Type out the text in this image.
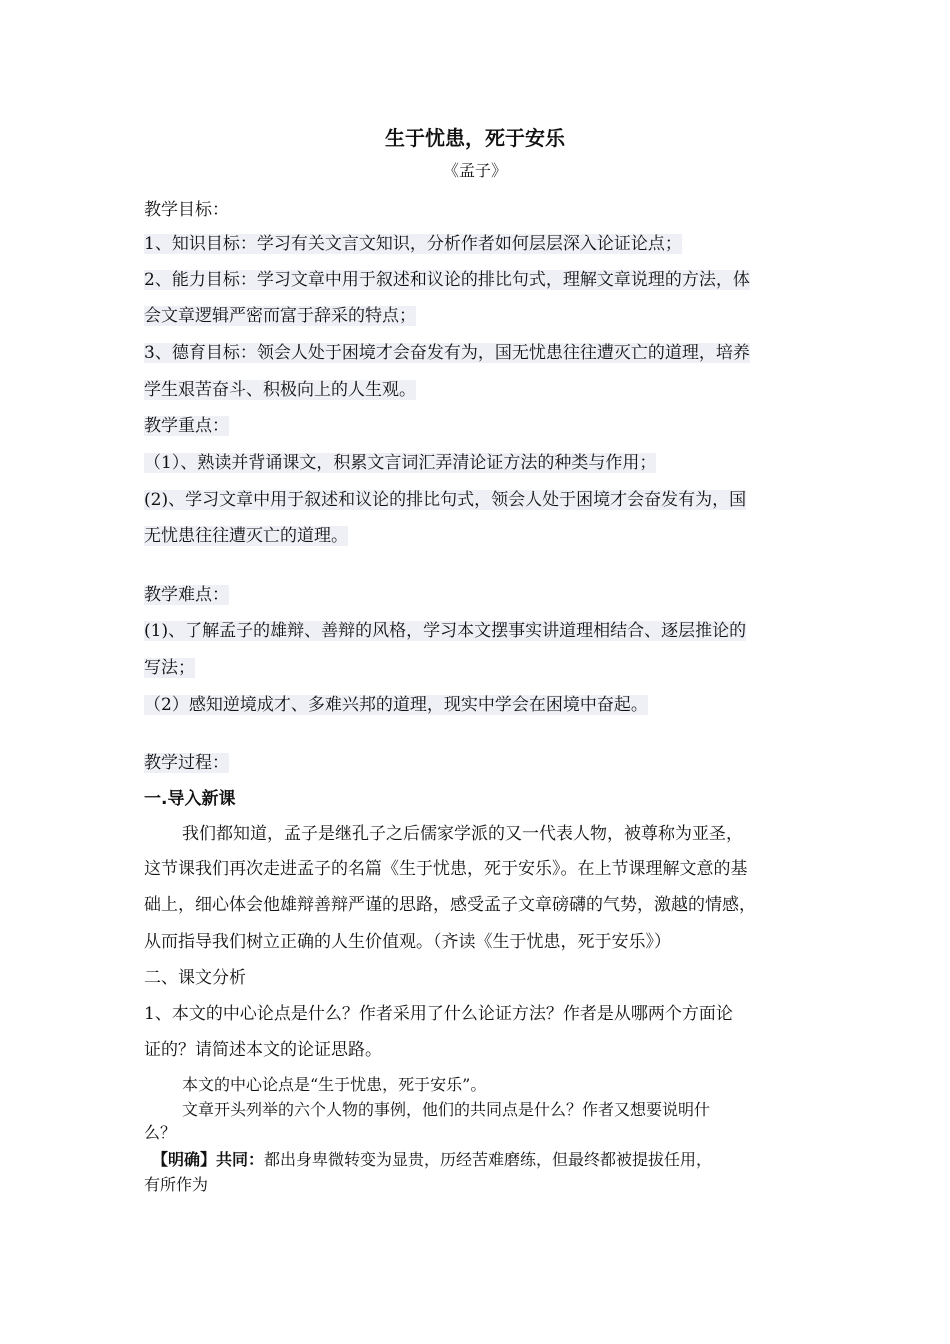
生于忧患，死于安乐
《孟子》
教学目标：
1、知识目标：学习有关文言文知识，分析作者如何层层深入论证论点；
2、能力目标：学习文章中用于叙述和议论的排比句式，理解文章说理的方法，体
会文章逻辑严密而富于辞采的特点；
3、德育目标：领会人处于困境才会奋发有为，国无忧患往往遭灭亡的道理，培养
学生艰苦奋斗、积极向上的人生观。
教学重点：
（1）、熟读并背诵课文，积累文言词汇弄清论证方法的种类与作用；
(2)、学习文章中用于叙述和议论的排比句式，领会人处于困境才会奋发有为，国
无忧患往往遭灭亡的道理。
教学难点：
(1)、了解孟子的雄辩、善辩的风格，学习本文摆事实讲道理相结合、逐层推论的
写法；
（2）感知逆境成才、多难兴邦的道理，现实中学会在困境中奋起。
教学过程：
一.导入新课
我们都知道，孟子是继孔子之后儒家学派的又一代表人物，被尊称为亚圣，
这节课我们再次走进孟子的名篇《生于忧患，死于安乐》。在上节课理解文意的基
础上，细心体会他雄辩善辩严谨的思路，感受孟子文章磅礴的气势，激越的情感，
从而指导我们树立正确的人生价值观。（齐读《生于忧患，死于安乐》）
二、课文分析
1、本文的中心论点是什么？作者采用了什么论证方法？作者是从哪两个方面论
证的？请简述本文的论证思路。
本文的中心论点是“生于忧患，死于安乐”。
文章开头列举的六个人物的事例，他们的共同点是什么？作者又想要说明什
么？
【明确】共同：都出身卑微转变为显贵，历经苦难磨练，但最终都被提拔任用，
有所作为
